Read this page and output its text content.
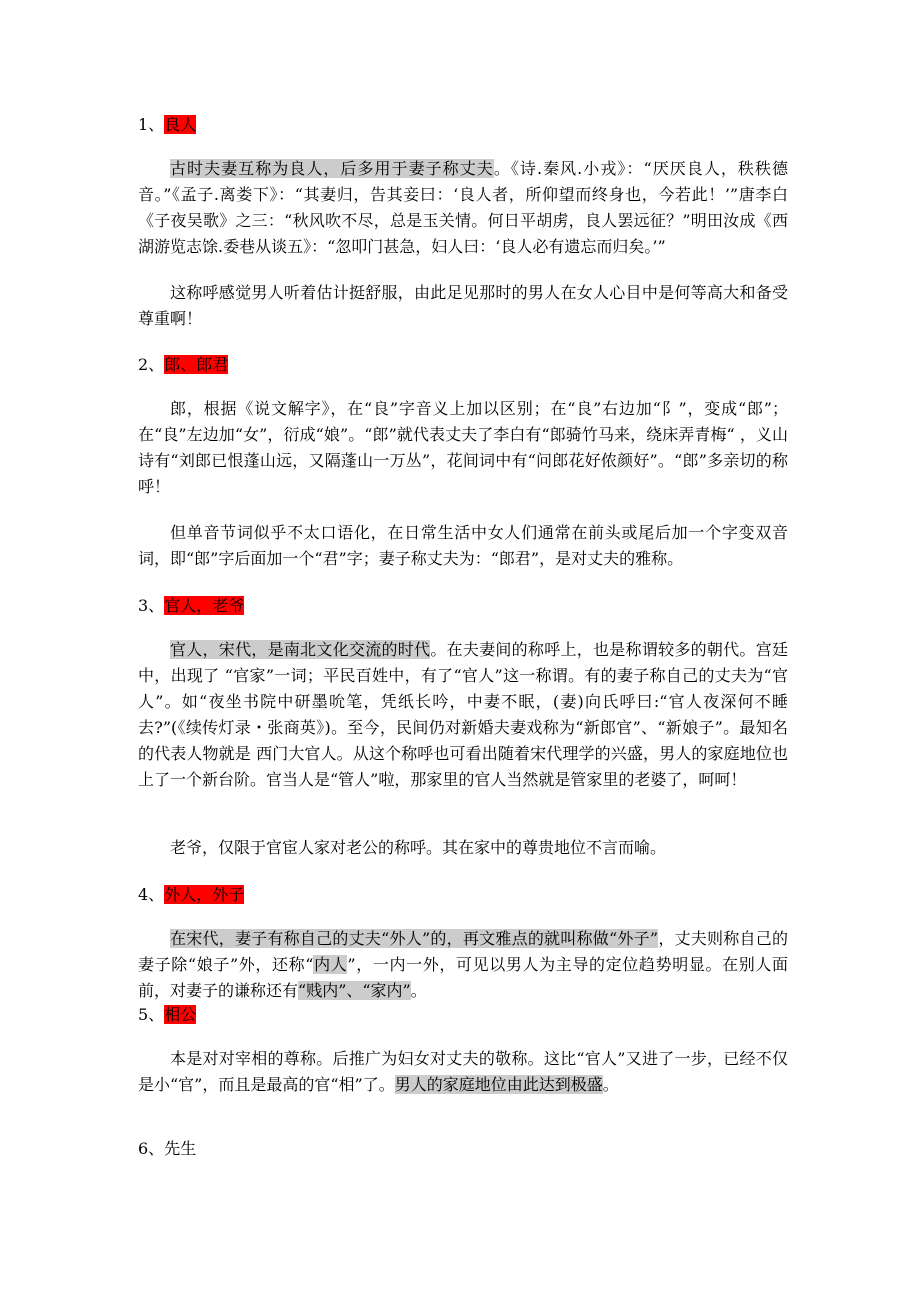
1、良人

古时夫妻互称为良人，后多用于妻子称丈夫。《诗.秦风.小戎》：“厌厌良人，秩秩德音。”《孟子.离娄下》：“其妻归，告其妾曰：‘良人者，所仰望而终身也，今若此！’”唐李白《子夜吴歌》之三：“秋风吹不尽，总是玉关情。何日平胡虏，良人罢远征？”明田汝成《西湖游览志馀.委巷从谈五》：“忽叩门甚急，妇人曰：‘良人必有遗忘而归矣。’”

这称呼感觉男人听着估计挺舒服，由此足见那时的男人在女人心目中是何等高大和备受尊重啊！

2、郎、郎君

郎，根据《说文解字》，在“良”字音义上加以区别；在“良”右边加“阝”，变成“郎”；在“良”左边加“女”，衍成“娘”。“郎”就代表丈夫了李白有“郎骑竹马来，绕床弄青梅“ ，义山诗有“刘郎已恨蓬山远，又隔蓬山一万丛”，花间词中有“问郎花好侬颜好”。“郎”多亲切的称呼！

但单音节词似乎不太口语化，在日常生活中女人们通常在前头或尾后加一个字变双音词，即“郎”字后面加一个“君”字；妻子称丈夫为：“郎君”，是对丈夫的雅称。

3、官人，老爷

官人，宋代，是南北文化交流的时代。在夫妻间的称呼上，也是称谓较多的朝代。宫廷中，出现了 “官家”一词；平民百姓中，有了“官人”这一称谓。有的妻子称自己的丈夫为“官人”。如“夜坐书院中研墨吮笔，凭纸长吟，中妻不眠，(妻)向氏呼曰:“官人夜深何不睡去?”(《续传灯录・张商英》)。至今，民间仍对新婚夫妻戏称为“新郎官”、“新娘子”。最知名的代表人物就是 西门大官人。从这个称呼也可看出随着宋代理学的兴盛，男人的家庭地位也上了一个新台阶。官当人是“管人”啦，那家里的官人当然就是管家里的老婆了，呵呵！

老爷，仅限于官宦人家对老公的称呼。其在家中的尊贵地位不言而喻。

4、外人，外子

在宋代，妻子有称自己的丈夫“外人”的，再文雅点的就叫称做“外子”，丈夫则称自己的妻子除“娘子”外，还称“内人”，一内一外，可见以男人为主导的定位趋势明显。在别人面前，对妻子的谦称还有“贱内”、“家内”。

5、相公

本是对对宰相的尊称。后推广为妇女对丈夫的敬称。这比“官人”又进了一步，已经不仅是小“官”，而且是最高的官“相”了。男人的家庭地位由此达到极盛。

6、先生
